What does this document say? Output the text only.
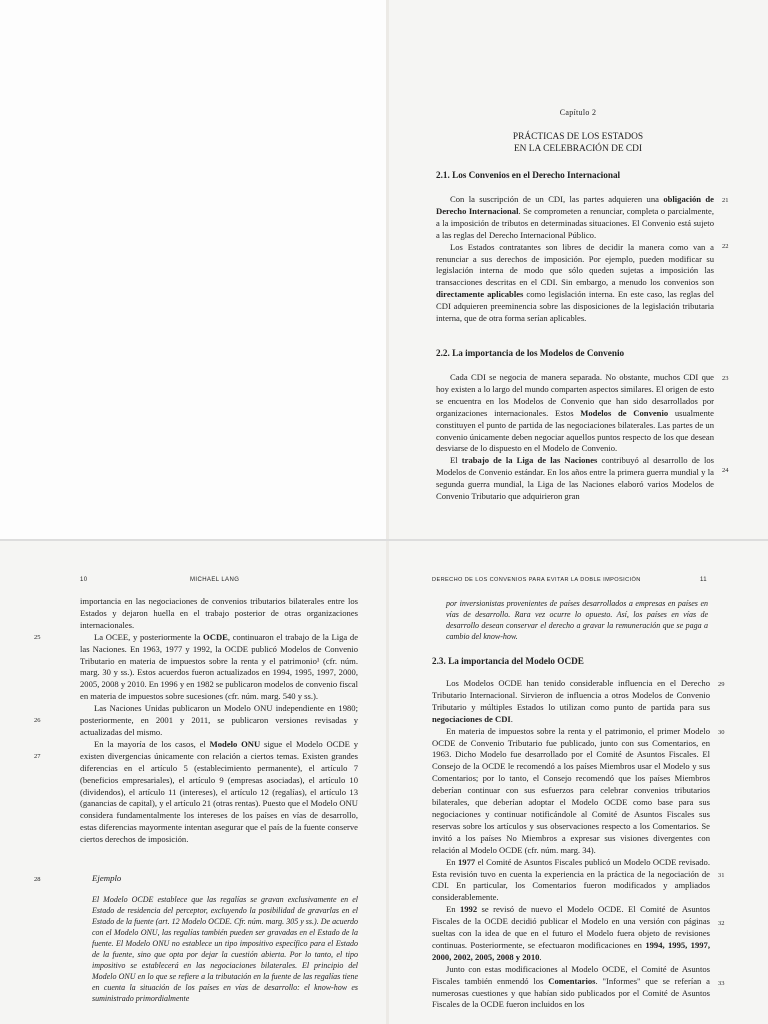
Capítulo 2
PRÁCTICAS DE LOS ESTADOS
EN LA CELEBRACIÓN DE CDI
2.1. Los Convenios en el Derecho Internacional

Con la suscripción de un CDI, las partes adquieren una obligación de Derecho Internacional. Se comprometen a renunciar, completa o parcialmente, a la imposición de tributos en determinadas situaciones. El Convenio está sujeto a las reglas del Derecho Internacional Público.

Los Estados contratantes son libres de decidir la manera como van a renunciar a sus derechos de imposición. Por ejemplo, pueden modificar su legislación interna de modo que sólo queden sujetas a imposición las transacciones descritas en el CDI. Sin embargo, a menudo los convenios son directamente aplicables como legislación interna. En este caso, las reglas del CDI adquieren preeminencia sobre las disposiciones de la legislación tributaria interna, que de otra forma serían aplicables.

21
22
2.2. La importancia de los Modelos de Convenio

Cada CDI se negocia de manera separada. No obstante, muchos CDI que hoy existen a lo largo del mundo comparten aspectos similares. El origen de esto se encuentra en los Modelos de Convenio que han sido desarrollados por organizaciones internacionales. Estos Modelos de Convenio usualmente constituyen el punto de partida de las negociaciones bilaterales. Las partes de un convenio únicamente deben negociar aquellos puntos respecto de los que desean desviarse de lo dispuesto en el Modelo de Convenio.

El trabajo de la Liga de las Naciones contribuyó al desarrollo de los Modelos de Convenio estándar. En los años entre la primera guerra mundial y la segunda guerra mundial, la Liga de las Naciones elaboró varios Modelos de Convenio Tributario que adquirieron gran

23
24
10	MICHAEL LANG

importancia en las negociaciones de convenios tributarios bilaterales entre los Estados y dejaron huella en el trabajo posterior de otras organizaciones internacionales.

La OCEE, y posteriormente la OCDE, continuaron el trabajo de la Liga de las Naciones. En 1963, 1977 y 1992, la OCDE publicó Modelos de Convenio Tributario en materia de impuestos sobre la renta y el patrimonio¹ (cfr. núm. marg. 30 y ss.). Estos acuerdos fueron actualizados en 1994, 1995, 1997, 2000, 2005, 2008 y 2010. En 1996 y en 1982 se publicaron modelos de convenio fiscal en materia de impuestos sobre sucesiones (cfr. núm. marg. 540 y ss.).

Las Naciones Unidas publicaron un Modelo ONU independiente en 1980; posteriormente, en 2001 y 2011, se publicaron versiones revisadas y actualizadas del mismo.

En la mayoría de los casos, el Modelo ONU sigue el Modelo OCDE y existen divergencias únicamente con relación a ciertos temas. Existen grandes diferencias en el artículo 5 (establecimiento permanente), el artículo 7 (beneficios empresariales), el artículo 9 (empresas asociadas), el artículo 10 (dividendos), el artículo 11 (intereses), el artículo 12 (regalías), el artículo 13 (ganancias de capital), y el artículo 21 (otras rentas). Puesto que el Modelo ONU considera fundamentalmente los intereses de los países en vías de desarrollo, estas diferencias mayormente intentan asegurar que el país de la fuente conserve ciertos derechos de imposición.

25
26
27
Ejemplo
28
El Modelo OCDE establece que las regalías se gravan exclusivamente en el Estado de residencia del perceptor, excluyendo la posibilidad de gravarlas en el Estado de la fuente (art. 12 Modelo OCDE. Cfr. núm. marg. 305 y ss.). De acuerdo con el Modelo ONU, las regalías también pueden ser gravadas en el Estado de la fuente. El Modelo ONU no establece un tipo impositivo específico para el Estado de la fuente, sino que opta por dejar la cuestión abierta. Por lo tanto, el tipo impositivo se establecerá en las negociaciones bilaterales. El principio del Modelo ONU en lo que se refiere a la tributación en la fuente de las regalías tiene en cuenta la situación de los países en vías de desarrollo: el know-how es suministrado primordialmente
DERECHO DE LOS CONVENIOS PARA EVITAR LA DOBLE IMPOSICIÓN	11
por inversionistas provenientes de países desarrollados a empresas en países en vías de desarrollo. Rara vez ocurre lo opuesto. Así, los países en vías de desarrollo desean conservar el derecho a gravar la remuneración que se paga a cambio del know-how.
2.3. La importancia del Modelo OCDE

Los Modelos OCDE han tenido considerable influencia en el Derecho Tributario Internacional. Sirvieron de influencia a otros Modelos de Convenio Tributario y múltiples Estados lo utilizan como punto de partida para sus negociaciones de CDI.

En materia de impuestos sobre la renta y el patrimonio, el primer Modelo OCDE de Convenio Tributario fue publicado, junto con sus Comentarios, en 1963. Dicho Modelo fue desarrollado por el Comité de Asuntos Fiscales. El Consejo de la OCDE le recomendó a los países Miembros usar el Modelo y sus Comentarios; por lo tanto, el Consejo recomendó que los países Miembros deberían continuar con sus esfuerzos para celebrar convenios tributarios bilaterales, que deberían adoptar el Modelo OCDE como base para sus negociaciones y continuar notificándole al Comité de Asuntos Fiscales sus reservas sobre los artículos y sus observaciones respecto a los Comentarios. Se invitó a los países No Miembros a expresar sus visiones divergentes con relación al Modelo OCDE (cfr. núm. marg. 34).

En 1977 el Comité de Asuntos Fiscales publicó un Modelo OCDE revisado. Esta revisión tuvo en cuenta la experiencia en la práctica de la negociación de CDI. En particular, los Comentarios fueron modificados y ampliados considerablemente.

En 1992 se revisó de nuevo el Modelo OCDE. El Comité de Asuntos Fiscales de la OCDE decidió publicar el Modelo en una versión con páginas sueltas con la idea de que en el futuro el Modelo fuera objeto de revisiones continuas. Posteriormente, se efectuaron modificaciones en 1994, 1995, 1997, 2000, 2002, 2005, 2008 y 2010.

Junto con estas modificaciones al Modelo OCDE, el Comité de Asuntos Fiscales también enmendó los Comentarios. "Informes" que se referían a numerosas cuestiones y que habían sido publicados por el Comité de Asuntos Fiscales de la OCDE fueron incluidos en los

29
30
31
32
33
